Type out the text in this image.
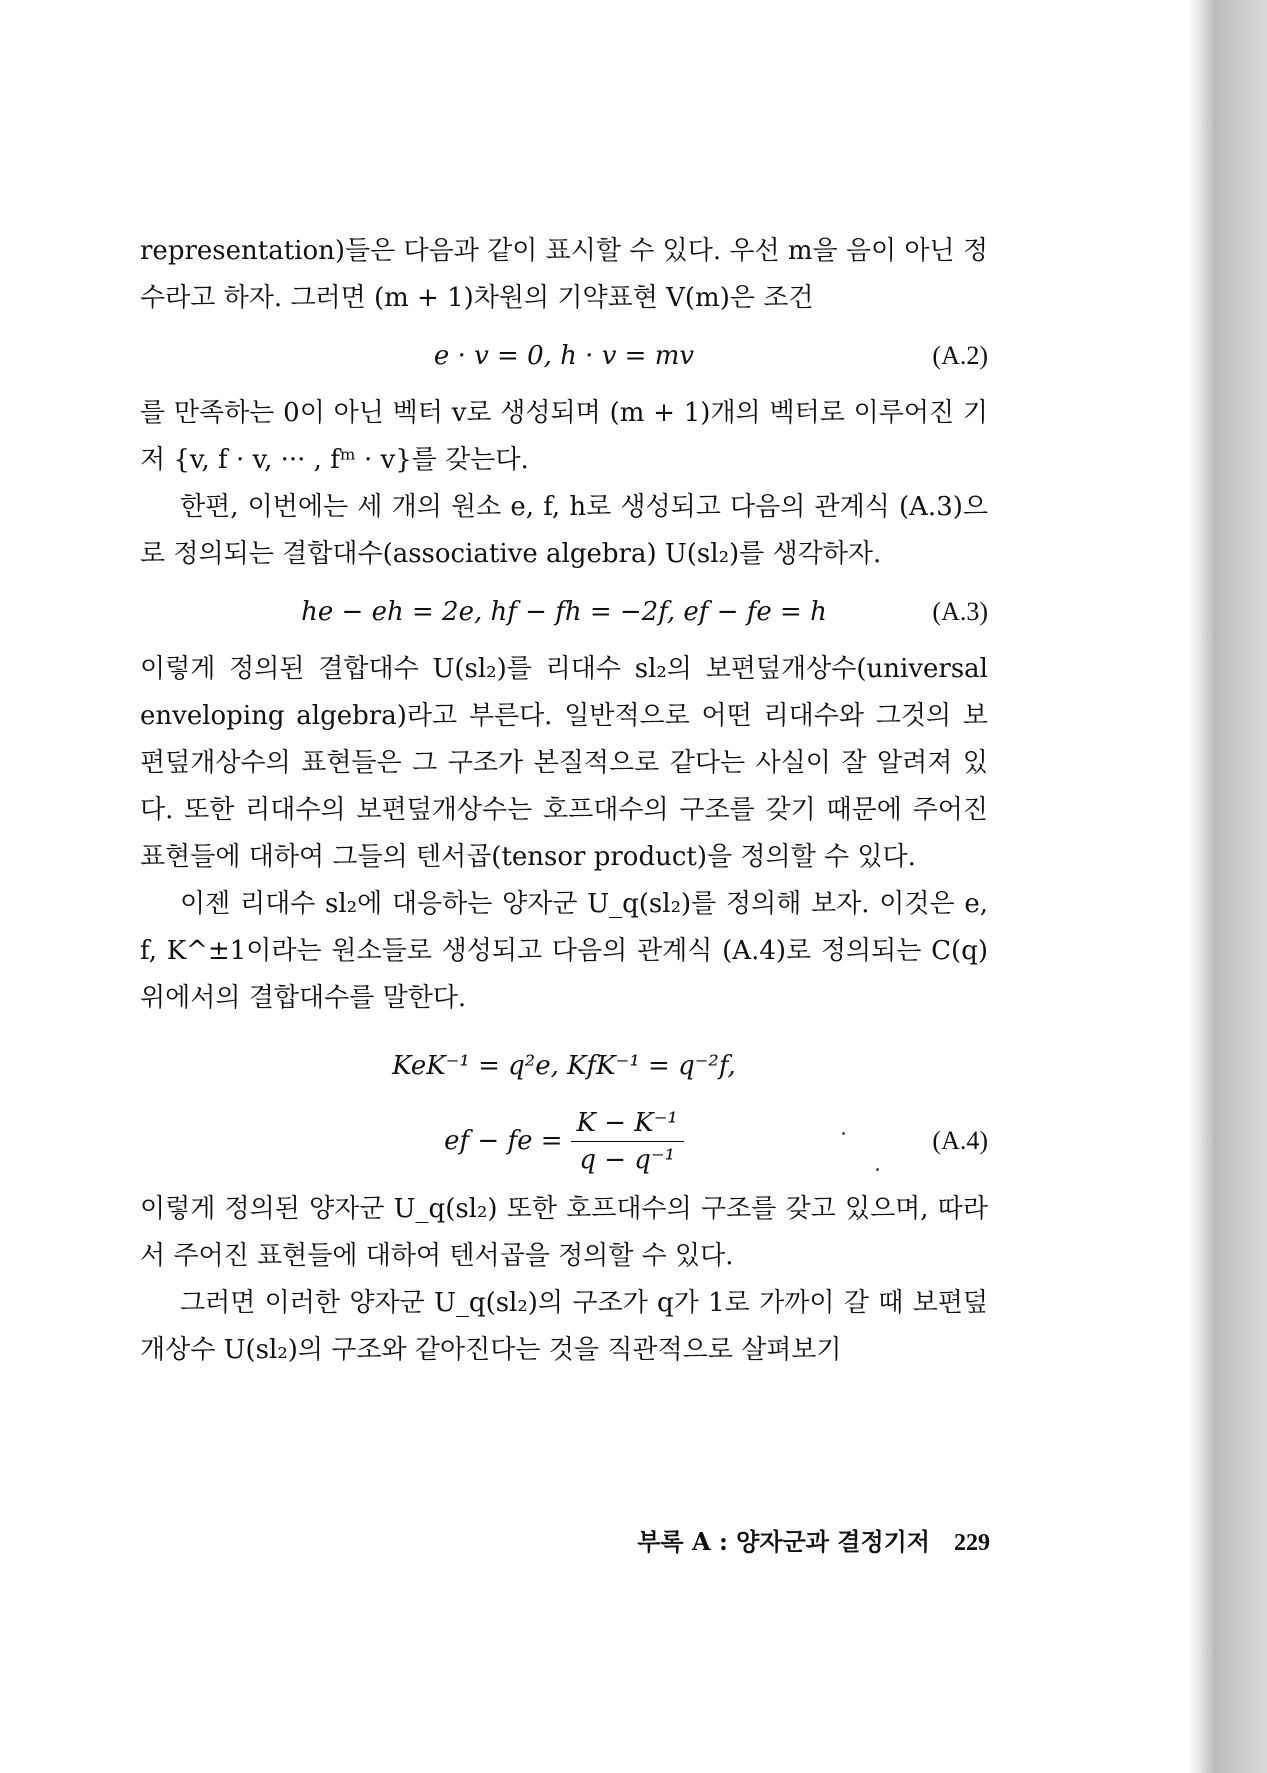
representation)들은 다음과 같이 표시할 수 있다. 우선 m을 음이 아닌 정수라고 하자. 그러면 (m + 1)차원의 기약표현 V(m)은 조건

e · v = 0, h · v = mv	(A.2)

를 만족하는 0이 아닌 벡터 v로 생성되며 (m + 1)개의 벡터로 이루어진 기저 {v, f · v, ··· , fᵐ · v}를 갖는다.

한편, 이번에는 세 개의 원소 e, f, h로 생성되고 다음의 관계식 (A.3)으로 정의되는 결합대수(associative algebra) U(sl₂)를 생각하자.

he − eh = 2e, hf − fh = −2f, ef − fe = h	(A.3)

이렇게 정의된 결합대수 U(sl₂)를 리대수 sl₂의 보편덮개상수(universal enveloping algebra)라고 부른다. 일반적으로 어떤 리대수와 그것의 보편덮개상수의 표현들은 그 구조가 본질적으로 같다는 사실이 잘 알려져 있다. 또한 리대수의 보편덮개상수는 호프대수의 구조를 갖기 때문에 주어진 표현들에 대하여 그들의 텐서곱(tensor product)을 정의할 수 있다.

이젠 리대수 sl₂에 대응하는 양자군 U_q(sl₂)를 정의해 보자. 이것은 e, f, K^±1이라는 원소들로 생성되고 다음의 관계식 (A.4)로 정의되는 C(q) 위에서의 결합대수를 말한다.

KeK⁻¹ = q²e, KfK⁻¹ = q⁻²f,
ef − fe = $\frac{\text{K − K⁻¹}}{\text{q − q⁻¹}}$	(A.4)

이렇게 정의된 양자군 U_q(sl₂) 또한 호프대수의 구조를 갖고 있으며, 따라서 주어진 표현들에 대하여 텐서곱을 정의할 수 있다.

그러면 이러한 양자군 U_q(sl₂)의 구조가 q가 1로 가까이 갈 때 보편덮개상수 U(sl₂)의 구조와 같아진다는 것을 직관적으로 살펴보기

부록 A : 양자군과 결정기저 229
